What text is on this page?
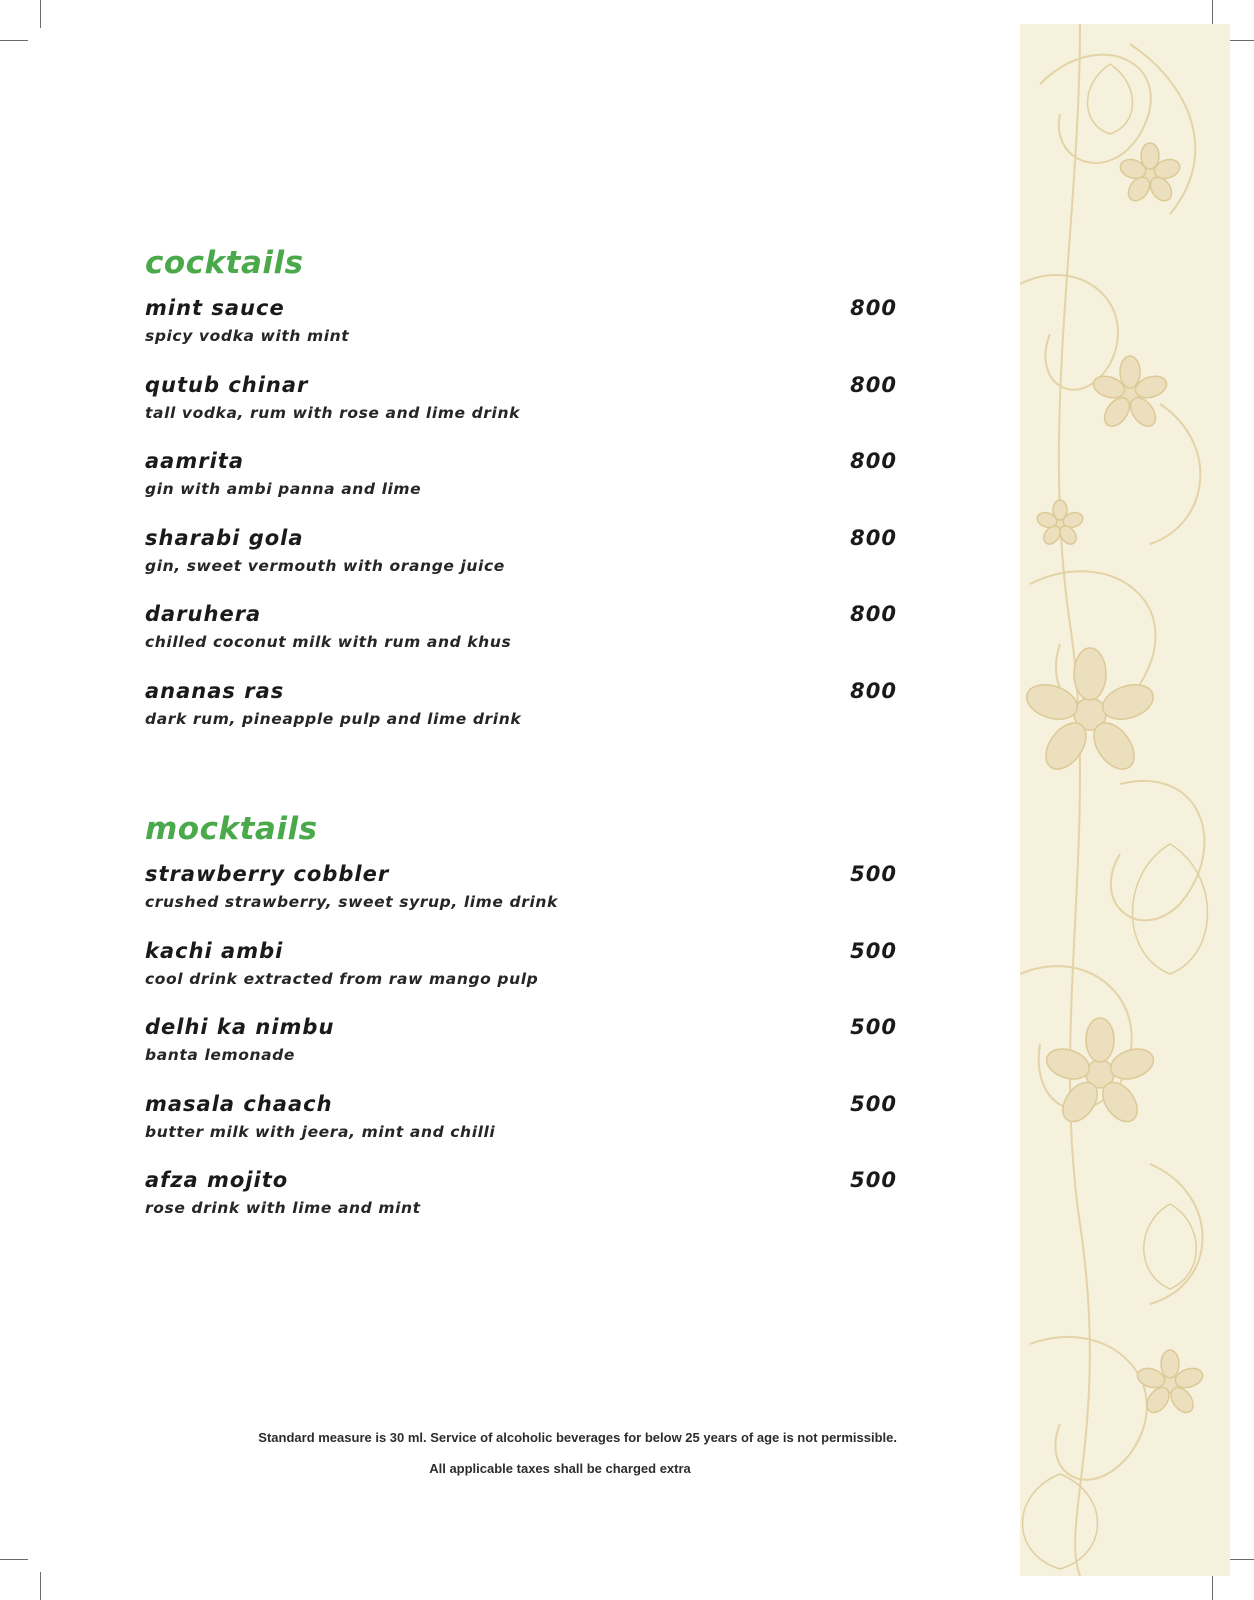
cocktails
mint sauce	800
spicy vodka with mint
qutub chinar	800
tall vodka, rum with rose and lime drink
aamrita	800
gin with ambi panna and lime
sharabi gola	800
gin, sweet vermouth with orange juice
daruhera	800
chilled coconut milk with rum and khus
ananas ras	800
dark rum, pineapple pulp and lime drink
mocktails
strawberry cobbler	500
crushed strawberry, sweet syrup, lime drink
kachi ambi	500
cool drink extracted from raw mango pulp
delhi ka nimbu	500
banta lemonade
masala chaach	500
butter milk with jeera, mint and chilli
afza mojito	500
rose drink with lime and mint
Standard measure is 30 ml. Service of alcoholic beverages for below 25 years of age is not permissible.
All applicable taxes shall be charged extra
